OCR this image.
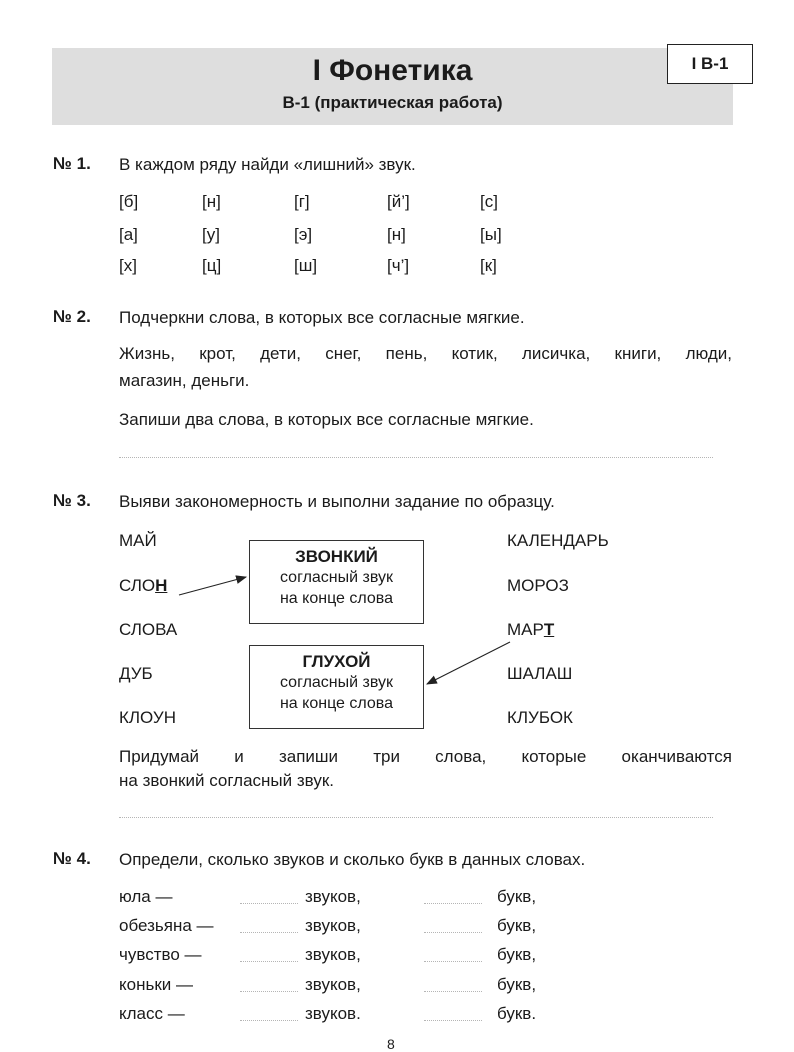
I Фонетика
В-1 (практическая работа)
I В-1
№ 1. В каждом ряду найди «лишний» звук.
[б]	[н]	[г]	[й’]	[с]
[а]	[у]	[э]	[н]	[ы]
[х]	[ц]	[ш]	[ч’]	[к]
№ 2. Подчеркни слова, в которых все согласные мягкие.
Жизнь, крот, дети, снег, пень, котик, лисичка, книги, люди,
магазин, деньги.
Запиши два слова, в которых все согласные мягкие.
№ 3. Выяви закономерность и выполни задание по образцу.
МАЙ
СЛОН
СЛОВА
ДУБ
КЛОУН
ЗВОНКИЙ
согласный звук
на конце слова
ГЛУХОЙ
согласный звук
на конце слова
КАЛЕНДАРЬ
МОРОЗ
МАРТ
ШАЛАШ
КЛУБОК
Придумай и запиши три слова, которые оканчиваются
на звонкий согласный звук.
№ 4. Определи, сколько звуков и сколько букв в данных словах.
юла —	звуков,	букв,
обезьяна —	звуков,	букв,
чувство —	звуков,	букв,
коньки —	звуков,	букв,
класс —	звуков.	букв.
8
